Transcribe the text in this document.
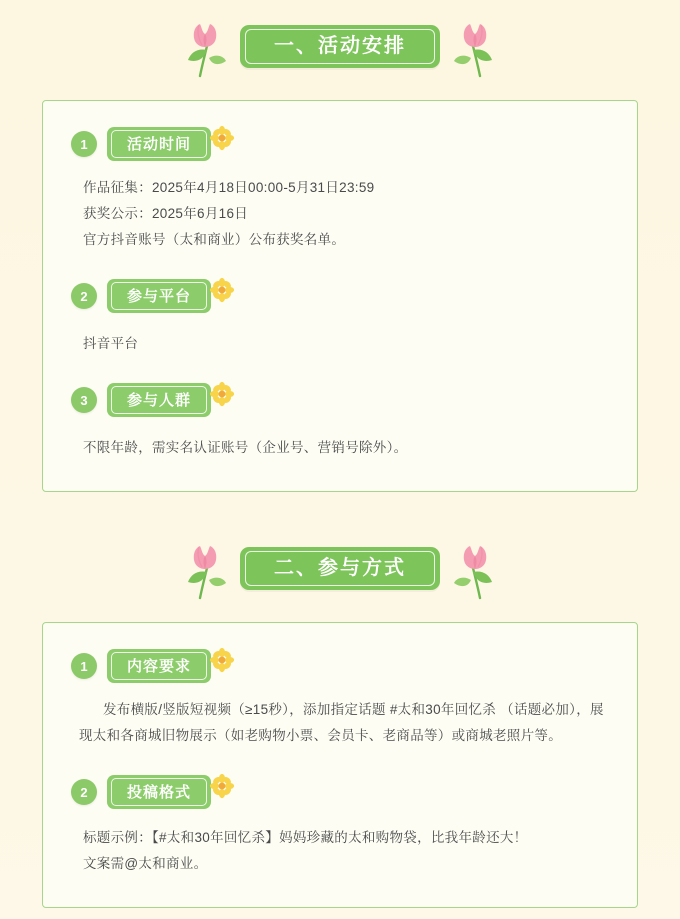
一、活动安排
1	活动时间
作品征集：2025年4月18日00:00-5月31日23:59
获奖公示：2025年6月16日
官方抖音账号（太和商业）公布获奖名单。
2	参与平台
抖音平台
3	参与人群
不限年龄，需实名认证账号（企业号、营销号除外）。
二、参与方式
1	内容要求
发布横版/竖版短视频（≥15秒），添加指定话题 #太和30年回忆杀 （话题必加），展现太和各商城旧物展示（如老购物小票、会员卡、老商品等）或商城老照片等。
2	投稿格式
标题示例：【#太和30年回忆杀】妈妈珍藏的太和购物袋，比我年龄还大！
文案需@太和商业。
